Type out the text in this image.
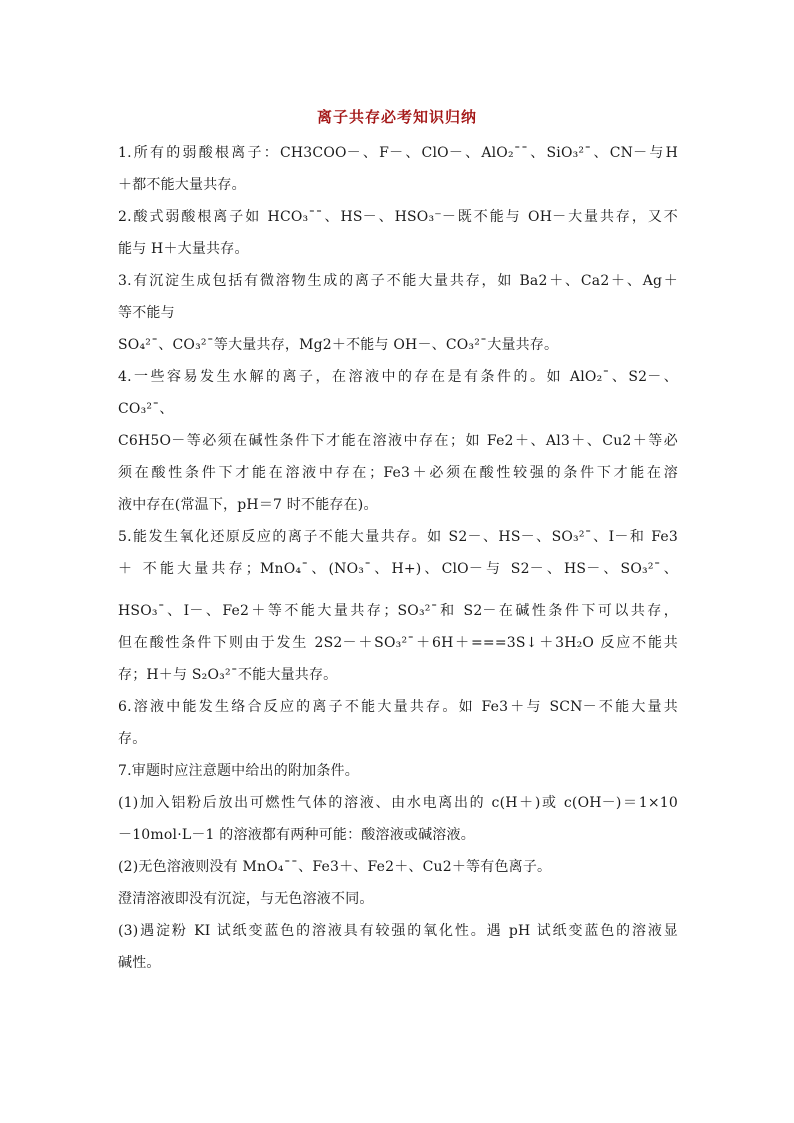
离子共存必考知识归纳
1.所有的弱酸根离子：CH3COO－、F－、ClO－、AlO₂¯¯、SiO₃²¯、CN－与H
＋都不能大量共存。
2.酸式弱酸根离子如 HCO₃¯¯、HS－、HSO₃⁻－既不能与 OH－大量共存，又不
能与 H＋大量共存。
3.有沉淀生成包括有微溶物生成的离子不能大量共存，如 Ba2＋、Ca2＋、Ag＋
等不能与
SO₄²¯、CO₃²¯等大量共存，Mg2＋不能与 OH－、CO₃²¯大量共存。
4.一些容易发生水解的离子，在溶液中的存在是有条件的。如 AlO₂¯、S2－、
CO₃²¯、
C6H5O－等必须在碱性条件下才能在溶液中存在；如 Fe2＋、Al3＋、Cu2＋等必
须在酸性条件下才能在溶液中存在；Fe3＋必须在酸性较强的条件下才能在溶
液中存在(常温下，pH＝7 时不能存在)。
5.能发生氧化还原反应的离子不能大量共存。如 S2－、HS－、SO₃²¯、I－和 Fe3
＋ 不能大量共存；MnO₄¯、(NO₃¯、H+)、ClO－与 S2－、HS－、SO₃²¯、
HSO₃¯、I－、Fe2＋等不能大量共存；SO₃²¯和 S2－在碱性条件下可以共存，
但在酸性条件下则由于发生 2S2－＋SO₃²¯＋6H＋===3S↓＋3H₂O 反应不能共
存；H＋与 S₂O₃²¯不能大量共存。
6.溶液中能发生络合反应的离子不能大量共存。如 Fe3＋与 SCN－不能大量共
存。
7.审题时应注意题中给出的附加条件。
(1)加入铝粉后放出可燃性气体的溶液、由水电离出的 c(H＋)或 c(OH－)＝1×10
－10mol·L－1 的溶液都有两种可能：酸溶液或碱溶液。
(2)无色溶液则没有 MnO₄¯¯、Fe3＋、Fe2＋、Cu2＋等有色离子。
澄清溶液即没有沉淀，与无色溶液不同。
(3)遇淀粉 KI 试纸变蓝色的溶液具有较强的氧化性。遇 pH 试纸变蓝色的溶液显
碱性。
